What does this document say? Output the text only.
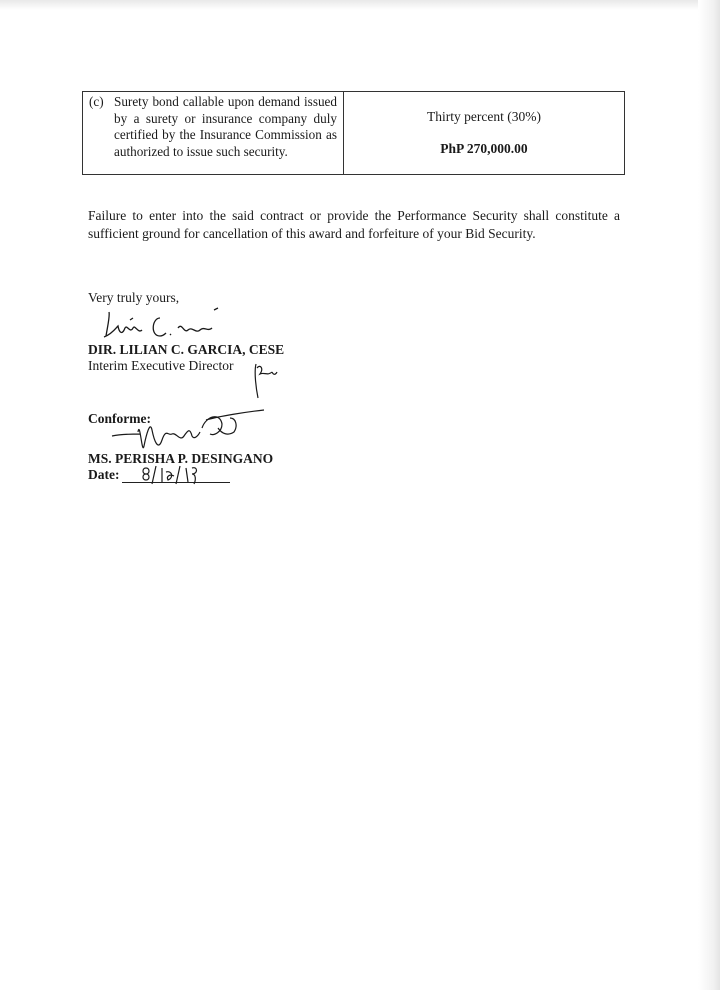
(c) Surety bond callable upon demand issued by a surety or insurance company duly certified by the Insurance Commission as authorized to issue such security.
Thirty percent (30%)
PhP 270,000.00
Failure to enter into the said contract or provide the Performance Security shall constitute a sufficient ground for cancellation of this award and forfeiture of your Bid Security.
Very truly yours,
DIR. LILIAN C. GARCIA, CESE
Interim Executive Director
Conforme:
MS. PERISHA P. DESINGANO
Date:
